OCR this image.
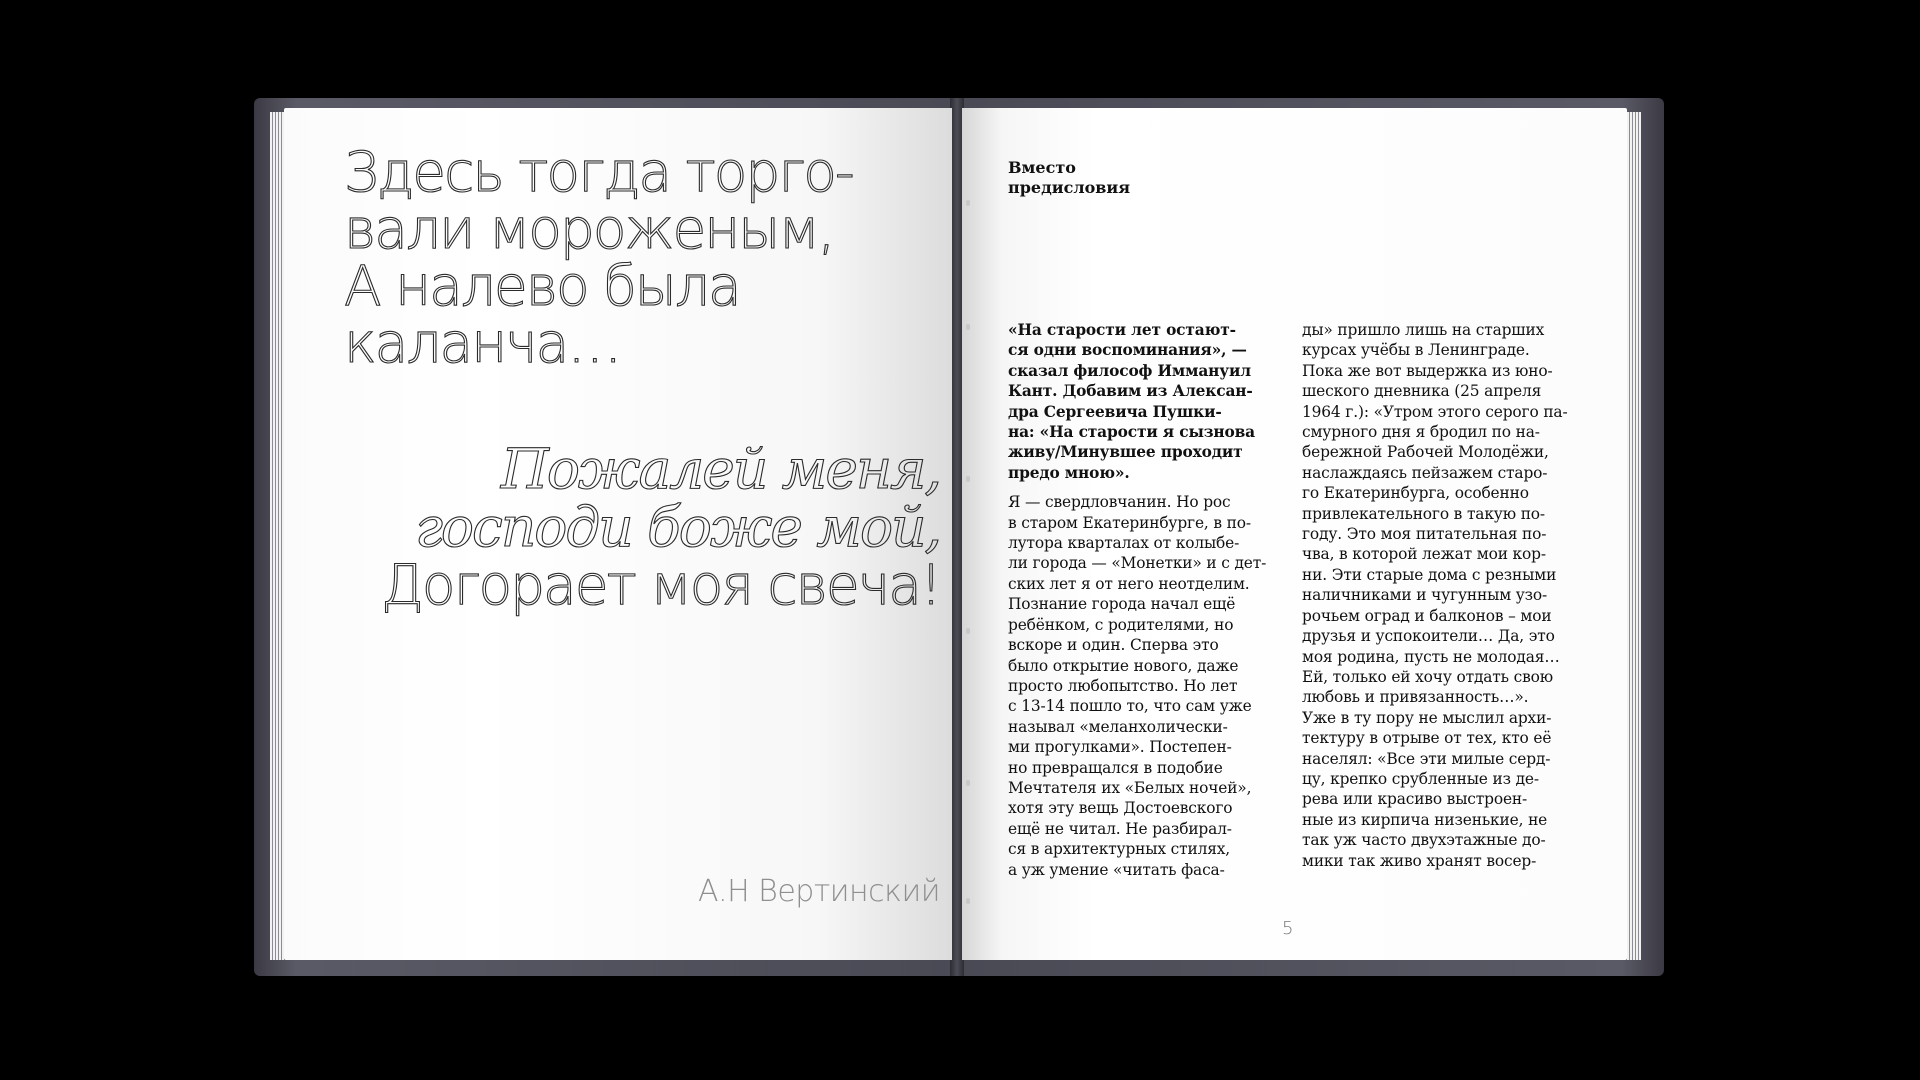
Здесь тогда торго-
вали мороженым,
А налево была
каланча…
Пожалей меня,
господи боже мой,
Догорает моя свеча!
А.Н Вертинский
Вместо
предисловия
«На старости лет остают-
ся одни воспоминания», —
сказал философ Иммануил
Кант. Добавим из Алексан-
дра Сергеевича Пушки-
на: «На старости я сызнова
живу/Минувшее проходит
предо мною».
Я — свердловчанин. Но рос
в старом Екатеринбурге, в по-
лутора кварталах от колыбе-
ли города — «Монетки» и с дет-
ских лет я от него неотделим.
Познание города начал ещё
ребёнком, с родителями, но
вскоре и один. Сперва это
было открытие нового, даже
просто любопытство. Но лет
с 13-14 пошло то, что сам уже
называл «меланхолически-
ми прогулками». Постепен-
но превращался в подобие
Мечтателя их «Белых ночей»,
хотя эту вещь Достоевского
ещё не читал. Не разбирал-
ся в архитектурных стилях,
а уж умение «читать фаса-
ды» пришло лишь на старших
курсах учёбы в Ленинграде.
Пока же вот выдержка из юно-
шеского дневника (25 апреля
1964 г.): «Утром этого серого па-
смурного дня я бродил по на-
бережной Рабочей Молодёжи,
наслаждаясь пейзажем старо-
го Екатеринбурга, особенно
привлекательного в такую по-
году. Это моя питательная по-
чва, в которой лежат мои кор-
ни. Эти старые дома с резными
наличниками и чугунным узо-
рочьем оград и балконов – мои
друзья и успокоители… Да, это
моя родина, пусть не молодая…
Ей, только ей хочу отдать свою
любовь и привязанность…».
Уже в ту пору не мыслил архи-
тектуру в отрыве от тех, кто её
населял: «Все эти милые серд-
цу, крепко срубленные из де-
рева или красиво выстроен-
ные из кирпича низенькие, не
так уж часто двухэтажные до-
мики так живо хранят восер-
5
